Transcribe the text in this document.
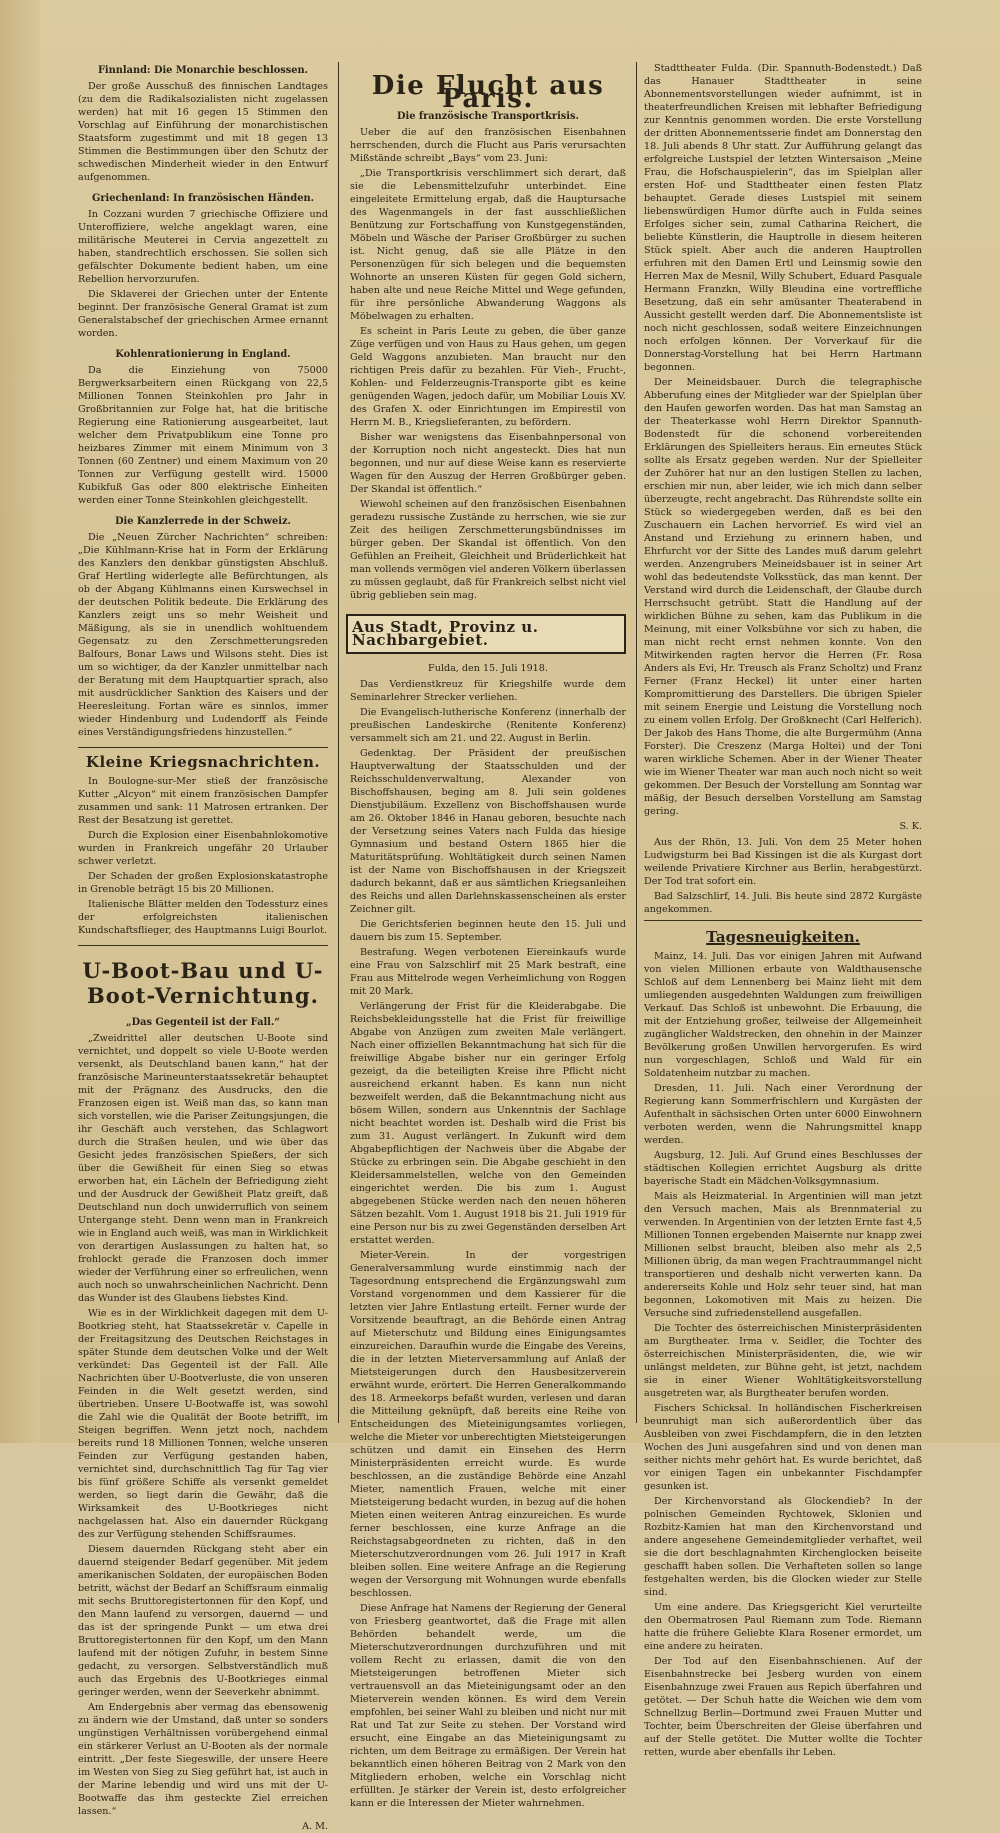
Finnland: Die Monarchie beschlossen.

Der große Ausschuß des finnischen Landtages (zu dem die Radikalsozialisten nicht zugelassen werden) hat mit 16 gegen 15 Stimmen den Vorschlag auf Einführung der monarchistischen Staatsform zugestimmt und mit 18 gegen 13 Stimmen die Bestimmungen über den Schutz der schwedischen Minderheit wieder in den Entwurf aufgenommen.

Griechenland: In französischen Händen.

In Cozzani wurden 7 griechische Offiziere und Unteroffiziere, welche angeklagt waren, eine militärische Meuterei in Cervia angezettelt zu haben, standrechtlich erschossen. Sie sollen sich gefälschter Dokumente bedient haben, um eine Rebellion hervorzurufen.

Die Sklaverei der Griechen unter der Entente beginnt. Der französische General Gramat ist zum Generalstabschef der griechischen Armee ernannt worden.

Kohlenrationierung in England.

Da die Einziehung von 75000 Bergwerksarbeitern einen Rückgang von 22,5 Millionen Tonnen Steinkohlen pro Jahr in Großbritannien zur Folge hat, hat die britische Regierung eine Rationierung ausgearbeitet, laut welcher dem Privatpublikum eine Tonne pro heizbares Zimmer mit einem Minimum von 3 Tonnen (60 Zentner) und einem Maximum von 20 Tonnen zur Verfügung gestellt wird. 15000 Kubikfuß Gas oder 800 elektrische Einheiten werden einer Tonne Steinkohlen gleichgestellt.

Die Kanzlerrede in der Schweiz.

Die „Neuen Zürcher Nachrichten“ schreiben: „Die Kühlmann-Krise hat in Form der Erklärung des Kanzlers den denkbar günstigsten Abschluß. Graf Hertling widerlegte alle Befürchtungen, als ob der Abgang Kühlmanns einen Kurswechsel in der deutschen Politik bedeute. Die Erklärung des Kanzlers zeigt uns so mehr Weisheit und Mäßigung, als sie in unendlich wohltuendem Gegensatz zu den Zerschmetterungsreden Balfours, Bonar Laws und Wilsons steht. Dies ist um so wichtiger, da der Kanzler unmittelbar nach der Beratung mit dem Hauptquartier sprach, also mit ausdrücklicher Sanktion des Kaisers und der Heeresleitung. Fortan wäre es sinnlos, immer wieder Hindenburg und Ludendorff als Feinde eines Verständigungsfriedens hinzustellen.“

Kleine Kriegsnachrichten.

In Boulogne-sur-Mer stieß der französische Kutter „Alcyon“ mit einem französischen Dampfer zusammen und sank: 11 Matrosen ertranken. Der Rest der Besatzung ist gerettet.

Durch die Explosion einer Eisenbahnlokomotive wurden in Frankreich ungefähr 20 Urlauber schwer verletzt.

Der Schaden der großen Explosionskatastrophe in Grenoble beträgt 15 bis 20 Millionen.

Italienische Blätter melden den Todessturz eines der erfolgreichsten italienischen Kundschaftsflieger, des Hauptmanns Luigi Bourlot.

U-Boot-Bau und U-Boot-Vernichtung.
„Das Gegenteil ist der Fall.“

„Zweidrittel aller deutschen U-Boote sind vernichtet, und doppelt so viele U-Boote werden versenkt, als Deutschland bauen kann,“ hat der französische Marineunterstaatssekretär behauptet mit der Prägnanz des Ausdrucks, den die Franzosen eigen ist. Weiß man das, so kann man sich vorstellen, wie die Pariser Zeitungsjungen, die ihr Geschäft auch verstehen, das Schlagwort durch die Straßen heulen, und wie über das Gesicht jedes französischen Spießers, der sich über die Gewißheit für einen Sieg so etwas erworben hat, ein Lächeln der Befriedigung zieht und der Ausdruck der Gewißheit Platz greift, daß Deutschland nun doch unwiderruflich von seinem Untergange steht. Denn wenn man in Frankreich wie in England auch weiß, was man in Wirklichkeit von derartigen Auslassungen zu halten hat, so frohlockt gerade die Franzosen doch immer wieder der Verführung einer so erfreulichen, wenn auch noch so unwahrscheinlichen Nachricht. Denn das Wunder ist des Glaubens liebstes Kind.

Wie es in der Wirklichkeit dagegen mit dem U-Bootkrieg steht, hat Staatssekretär v. Capelle in der Freitagsitzung des Deutschen Reichstages in später Stunde dem deutschen Volke und der Welt verkündet: Das Gegenteil ist der Fall. Alle Nachrichten über U-Bootverluste, die von unseren Feinden in die Welt gesetzt werden, sind übertrieben. Unsere U-Bootwaffe ist, was sowohl die Zahl wie die Qualität der Boote betrifft, im Steigen begriffen. Wenn jetzt noch, nachdem bereits rund 18 Millionen Tonnen, welche unseren Feinden zur Verfügung gestanden haben, vernichtet sind, durchschnittlich Tag für Tag vier bis fünf größere Schiffe als versenkt gemeldet werden, so liegt darin die Gewähr, daß die Wirksamkeit des U-Bootkrieges nicht nachgelassen hat. Also ein dauernder Rückgang des zur Verfügung stehenden Schiffsraumes.

Diesem dauernden Rückgang steht aber ein dauernd steigender Bedarf gegenüber. Mit jedem amerikanischen Soldaten, der europäischen Boden betritt, wächst der Bedarf an Schiffsraum einmalig mit sechs Bruttoregistertonnen für den Kopf, und den Mann laufend zu versorgen, dauernd — und das ist der springende Punkt — um etwa drei Bruttoregistertonnen für den Kopf, um den Mann laufend mit der nötigen Zufuhr, in bestem Sinne gedacht, zu versorgen. Selbstverständlich muß auch das Ergebnis des U-Bootkrieges einmal geringer werden, wenn der Seeverkehr abnimmt.

Am Endergebnis aber vermag das ebensowenig zu ändern wie der Umstand, daß unter so sonders ungünstigen Verhältnissen vorübergehend einmal ein stärkerer Verlust an U-Booten als der normale eintritt. „Der feste Siegeswille, der unsere Heere im Westen von Sieg zu Sieg geführt hat, ist auch in der Marine lebendig und wird uns mit der U-Bootwaffe das ihm gesteckte Ziel erreichen lassen.“

A. M.
Die Flucht aus Paris.
Die französische Transportkrisis.

Ueber die auf den französischen Eisenbahnen herrschenden, durch die Flucht aus Paris verursachten Mißstände schreibt „Bays“ vom 23. Juni:

„Die Transportkrisis verschlimmert sich derart, daß sie die Lebensmittelzufuhr unterbindet. Eine eingeleitete Ermittelung ergab, daß die Hauptursache des Wagenmangels in der fast ausschließlichen Benützung zur Fortschaffung von Kunstgegenständen, Möbeln und Wäsche der Pariser Großbürger zu suchen ist. Nicht genug, daß sie alle Plätze in den Personenzügen für sich belegen und die bequemsten Wohnorte an unseren Küsten für gegen Gold sichern, haben alte und neue Reiche Mittel und Wege gefunden, für ihre persönliche Abwanderung Waggons als Möbelwagen zu erhalten.

Es scheint in Paris Leute zu geben, die über ganze Züge verfügen und von Haus zu Haus gehen, um gegen Geld Waggons anzubieten. Man braucht nur den richtigen Preis dafür zu bezahlen. Für Vieh-, Frucht-, Kohlen- und Felderzeugnis-Transporte gibt es keine genügenden Wagen, jedoch dafür, um Mobiliar Louis XV. des Grafen X. oder Einrichtungen im Empirestil von Herrn M. B., Kriegslieferanten, zu befördern.

Bisher war wenigstens das Eisenbahnpersonal von der Korruption noch nicht angesteckt. Dies hat nun begonnen, und nur auf diese Weise kann es reservierte Wagen für den Auszug der Herren Großbürger geben. Der Skandal ist öffentlich.“

Wiewohl scheinen auf den französischen Eisenbahnen geradezu russische Zustände zu herrschen, wie sie zur Zeit des heiligen Zerschmetterungsbündnisses im bürger geben. Der Skandal ist öffentlich. Von den Gefühlen an Freiheit, Gleichheit und Brüderlichkeit hat man vollends vermögen viel anderen Völkern überlassen zu müssen geglaubt, daß für Frankreich selbst nicht viel übrig geblieben sein mag.

Aus Stadt, Provinz u. Nachbargebiet.
Fulda, den 15. Juli 1918.

Das Verdienstkreuz für Kriegshilfe wurde dem Seminarlehrer Strecker verliehen.

Die Evangelisch-lutherische Konferenz (innerhalb der preußischen Landeskirche (Renitente Konferenz) versammelt sich am 21. und 22. August in Berlin.

Gedenktag. Der Präsident der preußischen Hauptverwaltung der Staatsschulden und der Reichsschuldenverwaltung, Alexander von Bischoffshausen, beging am 8. Juli sein goldenes Dienstjubiläum. Exzellenz von Bischoffshausen wurde am 26. Oktober 1846 in Hanau geboren, besuchte nach der Versetzung seines Vaters nach Fulda das hiesige Gymnasium und bestand Ostern 1865 hier die Maturitätsprüfung. Wohltätigkeit durch seinen Namen ist der Name von Bischoffshausen in der Kriegszeit dadurch bekannt, daß er aus sämtlichen Kriegsanleihen des Reichs und allen Darlehnskassenscheinen als erster Zeichner gilt.

Die Gerichtsferien beginnen heute den 15. Juli und dauern bis zum 15. September.

Bestrafung. Wegen verbotenen Eiereinkaufs wurde eine Frau von Salzschlirf mit 25 Mark bestraft, eine Frau aus Mittelrode wegen Verheimlichung von Roggen mit 20 Mark.

Verlängerung der Frist für die Kleiderabgabe. Die Reichsbekleidungsstelle hat die Frist für freiwillige Abgabe von Anzügen zum zweiten Male verlängert. Nach einer offiziellen Bekanntmachung hat sich für die freiwillige Abgabe bisher nur ein geringer Erfolg gezeigt, da die beteiligten Kreise ihre Pflicht nicht ausreichend erkannt haben. Es kann nun nicht bezweifelt werden, daß die Bekanntmachung nicht aus bösem Willen, sondern aus Unkenntnis der Sachlage nicht beachtet worden ist. Deshalb wird die Frist bis zum 31. August verlängert. In Zukunft wird dem Abgabepflichtigen der Nachweis über die Abgabe der Stücke zu erbringen sein. Die Abgabe geschieht in den Kleidersammelstellen, welche von den Gemeinden eingerichtet werden. Die bis zum 1. August abgegebenen Stücke werden nach den neuen höheren Sätzen bezahlt. Vom 1. August 1918 bis 21. Juli 1919 für eine Person nur bis zu zwei Gegenständen derselben Art erstattet werden.

Mieter-Verein. In der vorgestrigen Generalversammlung wurde einstimmig nach der Tagesordnung entsprechend die Ergänzungswahl zum Vorstand vorgenommen und dem Kassierer für die letzten vier Jahre Entlastung erteilt. Ferner wurde der Vorsitzende beauftragt, an die Behörde einen Antrag auf Mieterschutz und Bildung eines Einigungsamtes einzureichen. Daraufhin wurde die Eingabe des Vereins, die in der letzten Mieterversammlung auf Anlaß der Mietsteigerungen durch den Hausbesitzerverein erwähnt wurde, erörtert. Die Herren Generalkommando des 18. Armeekorps befaßt wurden, verlesen und daran die Mitteilung geknüpft, daß bereits eine Reihe von Entscheidungen des Mieteinigungsamtes vorliegen, welche die Mieter vor unberechtigten Mietsteigerungen schützen und damit ein Einsehen des Herrn Ministerpräsidenten erreicht wurde. Es wurde beschlossen, an die zuständige Behörde eine Anzahl Mieter, namentlich Frauen, welche mit einer Mietsteigerung bedacht wurden, in bezug auf die hohen Mieten einen weiteren Antrag einzureichen. Es wurde ferner beschlossen, eine kurze Anfrage an die Reichstagsabgeordneten zu richten, daß in den Mieterschutzverordnungen vom 26. Juli 1917 in Kraft bleiben sollen. Eine weitere Anfrage an die Regierung wegen der Versorgung mit Wohnungen wurde ebenfalls beschlossen.

Diese Anfrage hat Namens der Regierung der General von Friesberg geantwortet, daß die Frage mit allen Behörden behandelt werde, um die Mieterschutzverordnungen durchzuführen und mit vollem Recht zu erlassen, damit die von den Mietsteigerungen betroffenen Mieter sich vertrauensvoll an das Mieteinigungsamt oder an den Mieterverein wenden können. Es wird dem Verein empfohlen, bei seiner Wahl zu bleiben und nicht nur mit Rat und Tat zur Seite zu stehen. Der Vorstand wird ersucht, eine Eingabe an das Mieteinigungsamt zu richten, um dem Beitrage zu ermäßigen. Der Verein hat bekanntlich einen höheren Beitrag von 2 Mark von den Mitgliedern erhoben, welche ein Vorschlag nicht erfüllten. Je stärker der Verein ist, desto erfolgreicher kann er die Interessen der Mieter wahrnehmen.

Stadttheater Fulda. (Dir. Spannuth-Bodenstedt.) Daß das Hanauer Stadttheater in seine Abonnementsvorstellungen wieder aufnimmt, ist in theaterfreundlichen Kreisen mit lebhafter Befriedigung zur Kenntnis genommen worden. Die erste Vorstellung der dritten Abonnementsserie findet am Donnerstag den 18. Juli abends 8 Uhr statt. Zur Aufführung gelangt das erfolgreiche Lustspiel der letzten Wintersaison „Meine Frau, die Hofschauspielerin“, das im Spielplan aller ersten Hof- und Stadttheater einen festen Platz behauptet. Gerade dieses Lustspiel mit seinem liebenswürdigen Humor dürfte auch in Fulda seines Erfolges sicher sein, zumal Catharina Reichert, die beliebte Künstlerin, die Hauptrolle in diesem heiteren Stück spielt. Aber auch die anderen Hauptrollen erfuhren mit den Damen Ertl und Leinsmig sowie den Herren Max de Mesnil, Willy Schubert, Eduard Pasquale Hermann Franzkn, Willy Bleudina eine vortreffliche Besetzung, daß ein sehr amüsanter Theaterabend in Aussicht gestellt werden darf. Die Abonnementsliste ist noch nicht geschlossen, sodaß weitere Einzeichnungen noch erfolgen können. Der Vorverkauf für die Donnerstag-Vorstellung hat bei Herrn Hartmann begonnen.

Der Meineidsbauer. Durch die telegraphische Abberufung eines der Mitglieder war der Spielplan über den Haufen geworfen worden. Das hat man Samstag an der Theaterkasse wohl Herrn Direktor Spannuth-Bodenstedt für die schonend vorbereitenden Erklärungen des Spielleiters heraus. Ein erneutes Stück sollte als Ersatz gegeben werden. Nur der Spielleiter der Zuhörer hat nur an den lustigen Stellen zu lachen, erschien mir nun, aber leider, wie ich mich dann selber überzeugte, recht angebracht. Das Rührendste sollte ein Stück so wiedergegeben werden, daß es bei den Zuschauern ein Lachen hervorrief. Es wird viel an Anstand und Erziehung zu erinnern haben, und Ehrfurcht vor der Sitte des Landes muß darum gelehrt werden. Anzengrubers Meineidsbauer ist in seiner Art wohl das bedeutendste Volksstück, das man kennt. Der Verstand wird durch die Leidenschaft, der Glaube durch Herrschsucht getrübt. Statt die Handlung auf der wirklichen Bühne zu sehen, kam das Publikum in die Meinung, mit einer Volksbühne vor sich zu haben, die man nicht recht ernst nehmen konnte. Von den Mitwirkenden ragten hervor die Herren (Fr. Rosa Anders als Evi, Hr. Treusch als Franz Scholtz) und Franz Ferner (Franz Heckel) lit unter einer harten Kompromittierung des Darstellers. Die übrigen Spieler mit seinem Energie und Leistung die Vorstellung noch zu einem vollen Erfolg. Der Großknecht (Carl Helferich). Der Jakob des Hans Thome, die alte Burgermühm (Anna Forster). Die Creszenz (Marga Holtei) und der Toni waren wirkliche Schemen. Aber in der Wiener Theater wie im Wiener Theater war man auch noch nicht so weit gekommen. Der Besuch der Vorstellung am Sonntag war mäßig, der Besuch derselben Vorstellung am Samstag gering.

S. K.

Aus der Rhön, 13. Juli. Von dem 25 Meter hohen Ludwigsturm bei Bad Kissingen ist die als Kurgast dort weilende Privatiere Kirchner aus Berlin, herabgestürzt. Der Tod trat sofort ein.

Bad Salzschlirf, 14. Juli. Bis heute sind 2872 Kurgäste angekommen.

Tagesneuigkeiten.

Mainz, 14. Juli. Das vor einigen Jahren mit Aufwand von vielen Millionen erbaute von Waldthausensche Schloß auf dem Lennenberg bei Mainz lieht mit dem umliegenden ausgedehnten Waldungen zum freiwilligen Verkauf. Das Schloß ist unbewohnt. Die Erbauung, die mit der Entziehung großer, teilweise der Allgemeinheit zugänglicher Waldstrecken, den ohnehin in der Mainzer Bevölkerung großen Unwillen hervorgerufen. Es wird nun vorgeschlagen, Schloß und Wald für ein Soldatenheim nutzbar zu machen.

Dresden, 11. Juli. Nach einer Verordnung der Regierung kann Sommerfrischlern und Kurgästen der Aufenthalt in sächsischen Orten unter 6000 Einwohnern verboten werden, wenn die Nahrungsmittel knapp werden.

Augsburg, 12. Juli. Auf Grund eines Beschlusses der städtischen Kollegien errichtet Augsburg als dritte bayerische Stadt ein Mädchen-Volksgymnasium.

Mais als Heizmaterial. In Argentinien will man jetzt den Versuch machen, Mais als Brennmaterial zu verwenden. In Argentinien von der letzten Ernte fast 4,5 Millionen Tonnen ergebenden Maisernte nur knapp zwei Millionen selbst braucht, bleiben also mehr als 2,5 Millionen übrig, da man wegen Frachtraummangel nicht transportieren und deshalb nicht verwerten kann. Da andererseits Kohle und Holz sehr teuer sind, hat man begonnen, Lokomotiven mit Mais zu heizen. Die Versuche sind zufriedenstellend ausgefallen.

Die Tochter des österreichischen Ministerpräsidenten am Burgtheater. Irma v. Seidler, die Tochter des österreichischen Ministerpräsidenten, die, wie wir unlängst meldeten, zur Bühne geht, ist jetzt, nachdem sie in einer Wiener Wohltätigkeitsvorstellung ausgetreten war, als Burgtheater berufen worden.

Fischers Schicksal. In holländischen Fischerkreisen beunruhigt man sich außerordentlich über das Ausbleiben von zwei Fischdampfern, die in den letzten Wochen des Juni ausgefahren sind und von denen man seither nichts mehr gehört hat. Es wurde berichtet, daß vor einigen Tagen ein unbekannter Fischdampfer gesunken ist.

Der Kirchenvorstand als Glockendieb? In der polnischen Gemeinden Rychtowek, Sklonien und Rozbitz-Kamien hat man den Kirchenvorstand und andere angesehene Gemeindemitglieder verhaftet, weil sie die dort beschlagnahmten Kirchenglocken beiseite geschafft haben sollen. Die Verhafteten sollen so lange festgehalten werden, bis die Glocken wieder zur Stelle sind.

Um eine andere. Das Kriegsgericht Kiel verurteilte den Obermatrosen Paul Riemann zum Tode. Riemann hatte die frühere Geliebte Klara Rosener ermordet, um eine andere zu heiraten.

Der Tod auf den Eisenbahnschienen. Auf der Eisenbahnstrecke bei Jesberg wurden von einem Eisenbahnzuge zwei Frauen aus Repich überfahren und getötet. — Der Schuh hatte die Weichen wie dem vom Schnellzug Berlin—Dortmund zwei Frauen Mutter und Tochter, beim Überschreiten der Gleise überfahren und auf der Stelle getötet. Die Mutter wollte die Tochter retten, wurde aber ebenfalls ihr Leben.
